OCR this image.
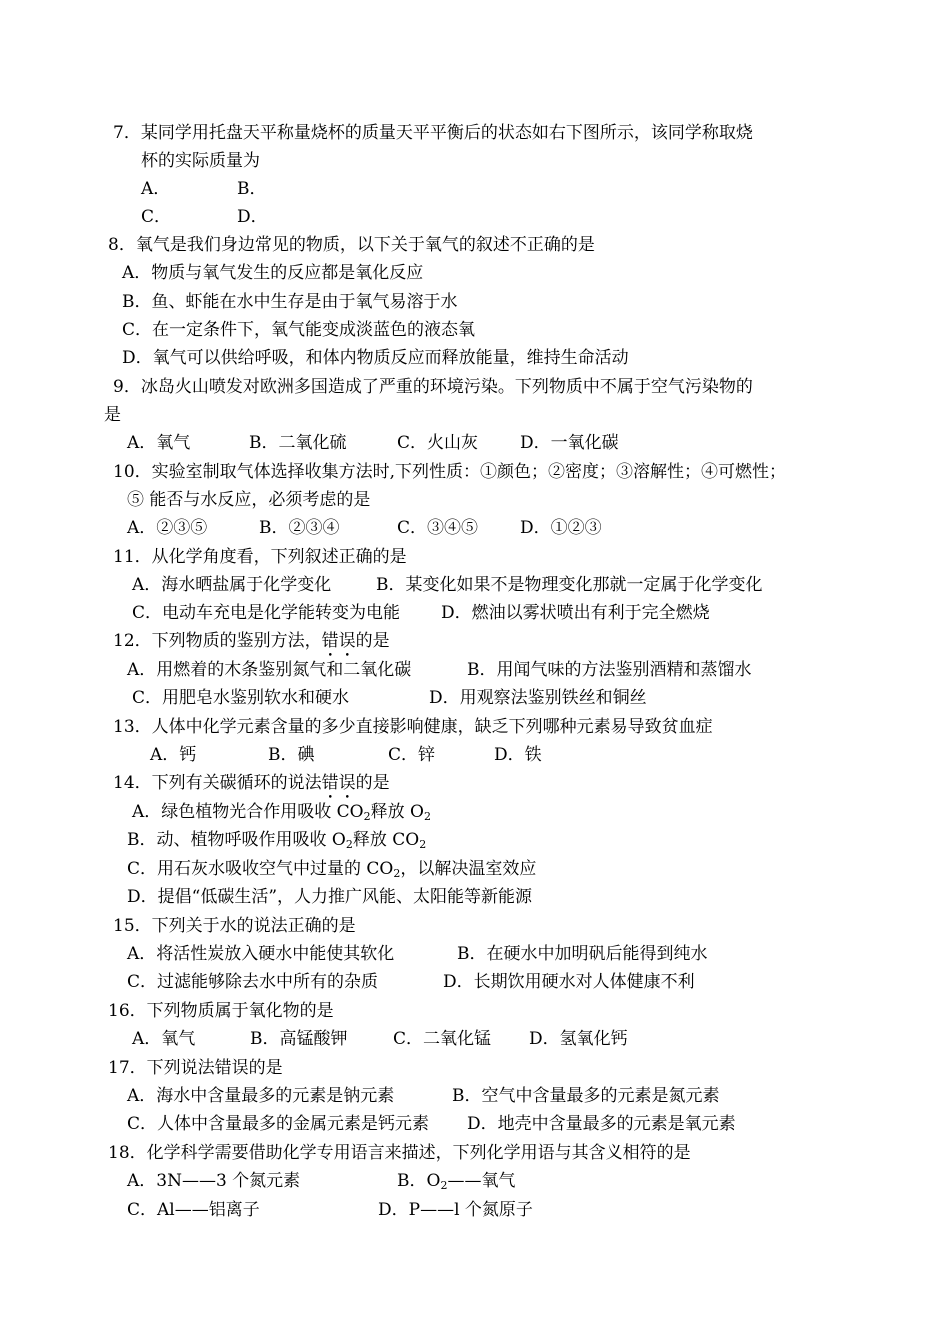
7．某同学用托盘天平称量烧杯的质量天平平衡后的状态如右下图所示，该同学称取烧
杯的实际质量为
A．	B．
C．	D．
8．氧气是我们身边常见的物质，以下关于氧气的叙述不正确的是
A．物质与氧气发生的反应都是氧化反应
B．鱼、虾能在水中生存是由于氧气易溶于水
C．在一定条件下，氧气能变成淡蓝色的液态氧
D．氧气可以供给呼吸，和体内物质反应而释放能量，维持生命活动
9．冰岛火山喷发对欧洲多国造成了严重的环境污染。下列物质中不属于空气污染物的
是
A．氧气	B．二氧化硫	C．火山灰 D．一氧化碳
10．实验室制取气体选择收集方法时,下列性质：①颜色；②密度；③溶解性；④可燃性；
⑤ 能否与水反应，必须考虑的是
A．②③⑤	B．②③④	C．③④⑤ D．①②③
11．从化学角度看，下列叙述正确的是
A．海水晒盐属于化学变化	B．某变化如果不是物理变化那就一定属于化学变化
C．电动车充电是化学能转变为电能 D．燃油以雾状喷出有利于完全燃烧
12．下列物质的鉴别方法，错误的是
A．用燃着的木条鉴别氮气和二氧化碳	B．用闻气味的方法鉴别酒精和蒸馏水
C．用肥皂水鉴别软水和硬水	D．用观察法鉴别铁丝和铜丝
13．人体中化学元素含量的多少直接影响健康，缺乏下列哪种元素易导致贫血症
A．钙	B．碘	C．锌	D．铁
14．下列有关碳循环的说法错误的是
A．绿色植物光合作用吸收 $CO_2$释放 $O_2$
B．动、植物呼吸作用吸收 $O_2$释放 $CO_2$
C．用石灰水吸收空气中过量的 $CO_2$，以解决温室效应
D．提倡“低碳生活”，人力推广风能、太阳能等新能源
15．下列关于水的说法正确的是
A．将活性炭放入硬水中能使其软化	B．在硬水中加明矾后能得到纯水
C．过滤能够除去水中所有的杂质	D．长期饮用硬水对人体健康不利
16．下列物质属于氧化物的是
A．氧气	B．高锰酸钾	C．二氧化锰 D．氢氧化钙
17．下列说法错误的是
A．海水中含量最多的元素是钠元素	B．空气中含量最多的元素是氮元素
C．人体中含量最多的金属元素是钙元素 D．地壳中含量最多的元素是氧元素
18．化学科学需要借助化学专用语言来描述，下列化学用语与其含义相符的是
A．3N——3 个氮元素	B．$O_2——$氧气
C．Al——铝离子	D．P——l 个氮原子
